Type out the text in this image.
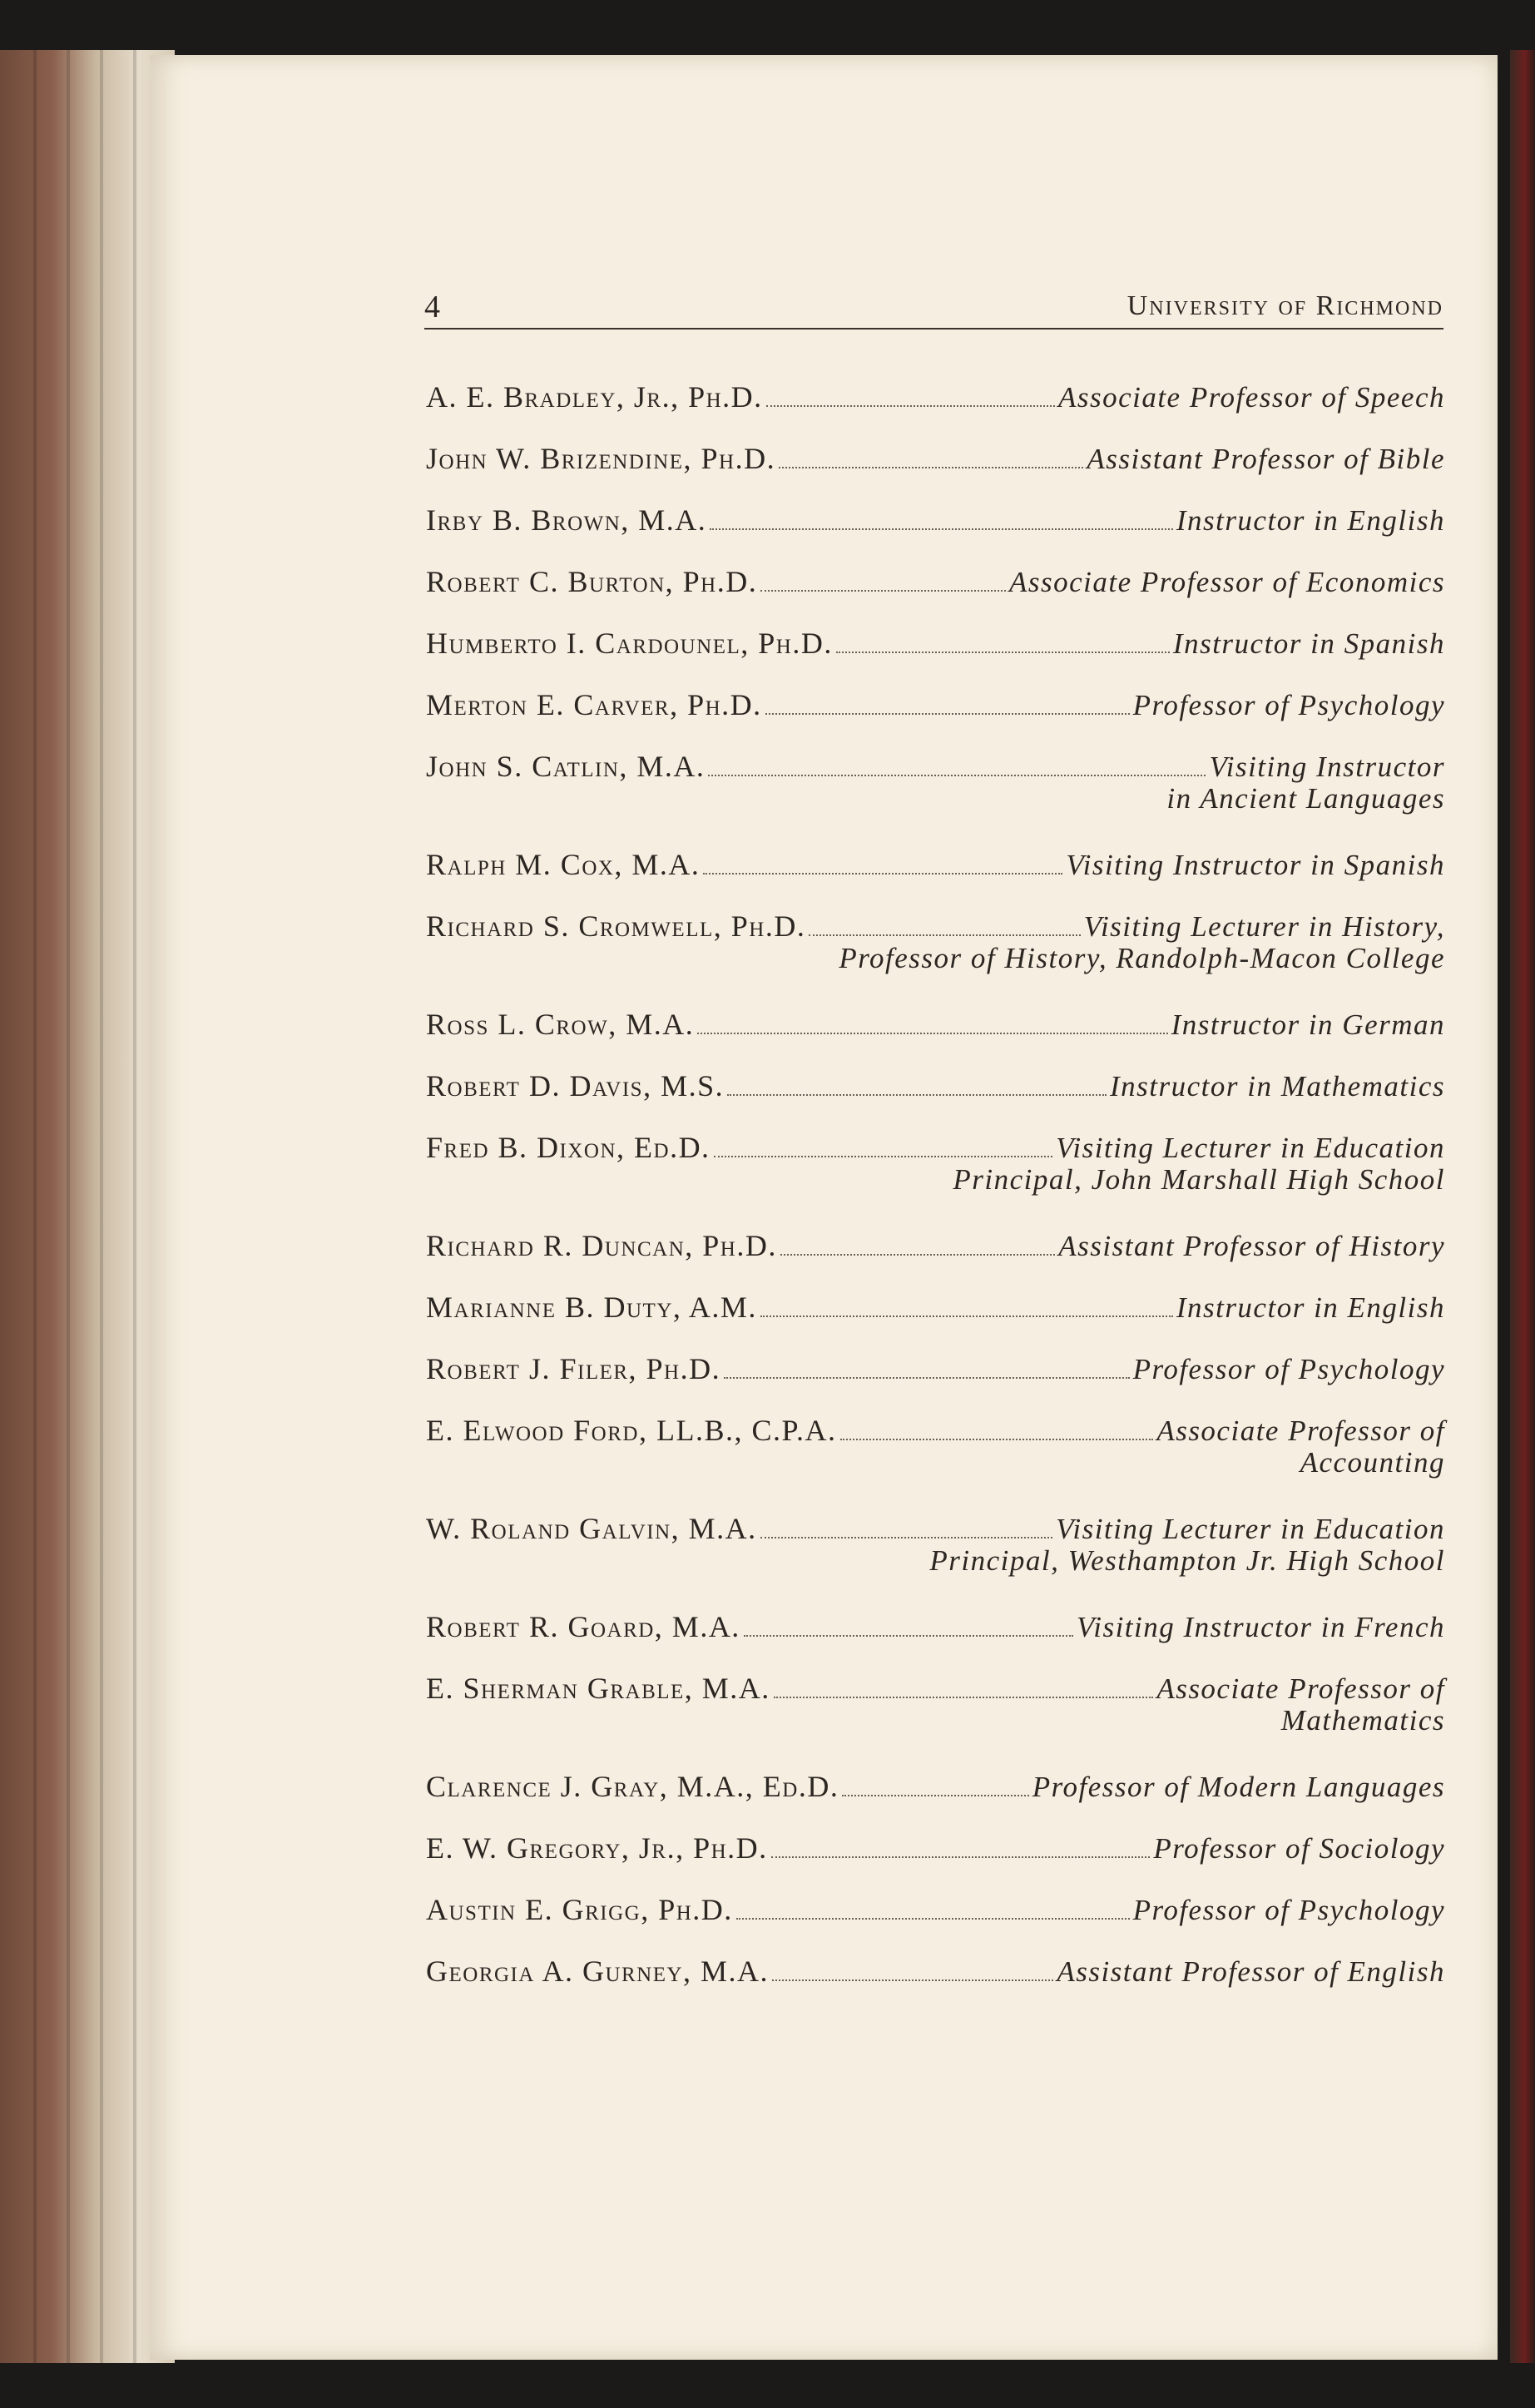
4	University of Richmond
A. E. Bradley, Jr., Ph.D.	Associate Professor of Speech
John W. Brizendine, Ph.D.	Assistant Professor of Bible
Irby B. Brown, M.A.	Instructor in English
Robert C. Burton, Ph.D.	Associate Professor of Economics
Humberto I. Cardounel, Ph.D.	Instructor in Spanish
Merton E. Carver, Ph.D.	Professor of Psychology
John S. Catlin, M.A.	Visiting Instructor
in Ancient Languages
Ralph M. Cox, M.A.	Visiting Instructor in Spanish
Richard S. Cromwell, Ph.D.	Visiting Lecturer in History,
Professor of History, Randolph-Macon College
Ross L. Crow, M.A.	Instructor in German
Robert D. Davis, M.S.	Instructor in Mathematics
Fred B. Dixon, Ed.D.	Visiting Lecturer in Education
Principal, John Marshall High School
Richard R. Duncan, Ph.D.	Assistant Professor of History
Marianne B. Duty, A.M.	Instructor in English
Robert J. Filer, Ph.D.	Professor of Psychology
E. Elwood Ford, LL.B., C.P.A.	Associate Professor of
Accounting
W. Roland Galvin, M.A.	Visiting Lecturer in Education
Principal, Westhampton Jr. High School
Robert R. Goard, M.A.	Visiting Instructor in French
E. Sherman Grable, M.A.	Associate Professor of
Mathematics
Clarence J. Gray, M.A., Ed.D.	Professor of Modern Languages
E. W. Gregory, Jr., Ph.D.	Professor of Sociology
Austin E. Grigg, Ph.D.	Professor of Psychology
Georgia A. Gurney, M.A.	Assistant Professor of English
